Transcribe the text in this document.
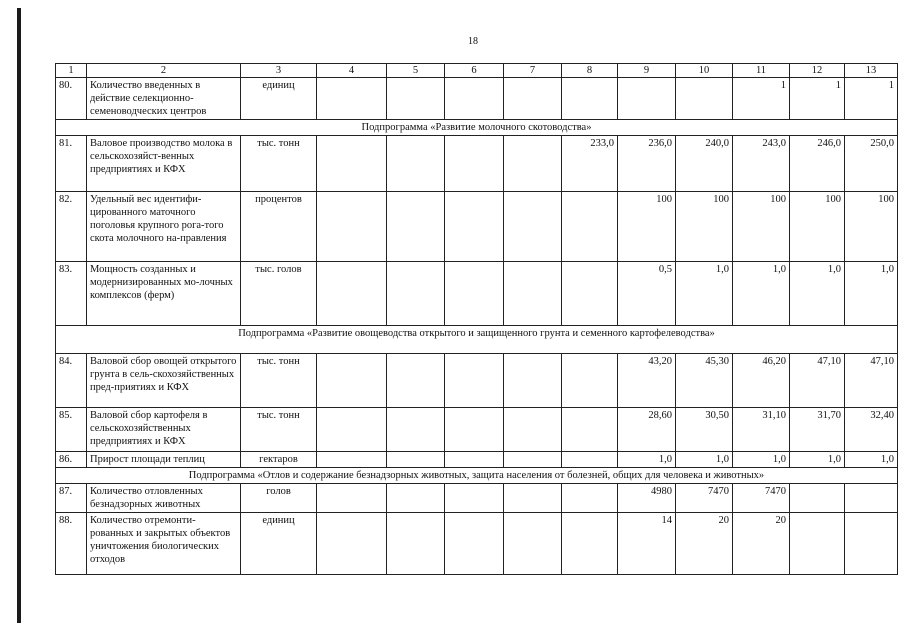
18
1	2	3	4	5	6	7	8	9	10	11	12	13	
80.	Количество введенных в действие селекционно-семеноводческих центров	единиц								1	1	1	
Подпрограмма «Развитие молочного скотоводства»													
81.	Валовое производство молока в сельскохозяйст-венных предприятиях и КФХ	тыс. тонн					233,0	236,0	240,0	243,0	246,0	250,0	
82.	Удельный вес идентифи-цированного маточного поголовья крупного рога-того скота молочного на-правления	процентов						100	100	100	100	100	
83.	Мощность созданных и модернизированных мо-лочных комплексов (ферм)	тыс. голов						0,5	1,0	1,0	1,0	1,0	
Подпрограмма «Развитие овощеводства открытого и защищенного грунта и семенного картофелеводства»													
84.	Валовой сбор овощей открытого грунта в сель-скохозяйственных пред-приятиях и КФХ	тыс. тонн						43,20	45,30	46,20	47,10	47,10	
85.	Валовой сбор картофеля в сельскохозяйственных предприятиях и КФХ	тыс. тонн						28,60	30,50	31,10	31,70	32,40	
86.	Прирост площади теплиц	гектаров						1,0	1,0	1,0	1,0	1,0	
Подпрограмма «Отлов и содержание безнадзорных животных, защита населения от болезней, общих для человека и животных»													
87.	Количество отловленных безнадзорных животных	голов						4980	7470	7470			
88.	Количество отремонти-рованных и закрытых объектов уничтожения биологических отходов	единиц						14	20	20			
